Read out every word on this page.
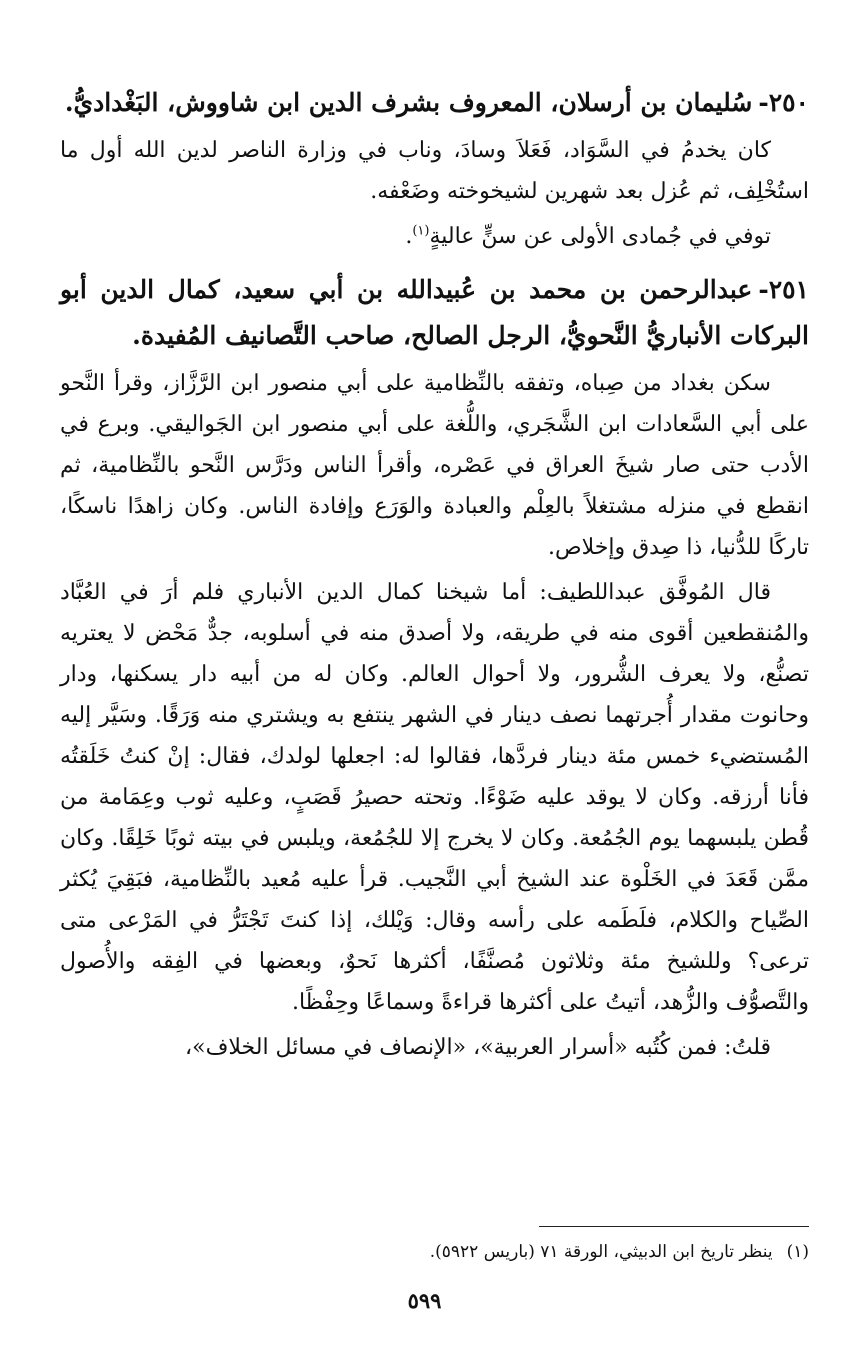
٢٥٠-سُليمان بن أرسلان، المعروف بشرف الدين ابن شاووش، البَغْداديُّ.

كان يخدمُ في السَّوَاد، فَعَلاَ وسادَ، وناب في وزارة الناصر لدين الله أول ما استُخْلِف، ثم عُزل بعد شهرين لشيخوخته وضَعْفه.

توفي في جُمادى الأولى عن سنٍّ عاليةٍ$^{(١)}$.

٢٥١-عبدالرحمن بن محمد بن عُبيدالله بن أبي سعيد، كمال الدين أبو البركات الأنباريُّ النَّحويُّ، الرجل الصالح، صاحب التَّصانيف المُفيدة.

سكن بغداد من صِباه، وتفقه بالنِّظامية على أبي منصور ابن الرَّزَّاز، وقرأ النَّحو على أبي السَّعادات ابن الشَّجَري، واللُّغة على أبي منصور ابن الجَواليقي. وبرع في الأدب حتى صار شيخَ العراق في عَصْره، وأقرأ الناس ودَرَّس النَّحو بالنِّظامية، ثم انقطع في منزله مشتغلاً بالعِلْم والعبادة والوَرَع وإفادة الناس. وكان زاهدًا ناسكًا، تاركًا للدُّنيا، ذا صِدق وإخلاص.

قال المُوفَّق عبداللطيف: أما شيخنا كمال الدين الأنباري فلم أرَ في العُبَّاد والمُنقطعين أقوى منه في طريقه، ولا أصدق منه في أسلوبه، جدٌّ مَحْض لا يعتريه تصنُّع، ولا يعرف الشُّرور، ولا أحوال العالم. وكان له من أبيه دار يسكنها، ودار وحانوت مقدار أُجرتهما نصف دينار في الشهر ينتفع به ويشتري منه وَرَقًا. وسَيَّر إليه المُستضيء خمس مئة دينار فردَّها، فقالوا له: اجعلها لولدك، فقال: إنْ كنتُ خَلَقتُه فأنا أرزقه. وكان لا يوقد عليه ضَوْءًا. وتحته حصيرُ قَصَبٍ، وعليه ثوب وعِمَامة من قُطن يلبسهما يوم الجُمُعة. وكان لا يخرج إلا للجُمُعة، ويلبس في بيته ثوبًا خَلِقًا. وكان ممَّن قَعَدَ في الخَلْوة عند الشيخ أبي النَّجيب. قرأ عليه مُعيد بالنِّظامية، فبَقِيَ يُكثر الصِّياح والكلام، فلَطَمه على رأسه وقال: وَيْلك، إذا كنتَ تَجْتَرُّ في المَرْعى متى ترعى؟ وللشيخ مئة وثلاثون مُصنَّفًا، أكثرها نَحوٌ، وبعضها في الفِقه والأُصول والتَّصوُّف والزُّهد، أتيتُ على أكثرها قراءةً وسماعًا وحِفْظًا.

قلتُ: فمن كُتُبه «أسرار العربية»، «الإنصاف في مسائل الخلاف»،

(١)ينظر تاريخ ابن الدبيثي، الورقة ٧١ (باريس ٥٩٢٢).
٥٩٩
